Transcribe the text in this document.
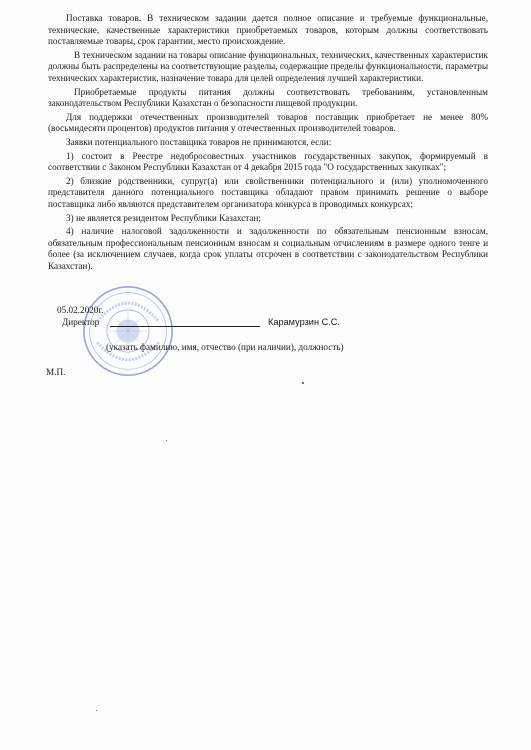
Поставка товаров. В техническом задании дается полное описание и требуемые функциональные, технические, качественные характеристики приобретаемых товаров, которым должны соответствовать поставляемые товары, срок гарантии, место происхождение.

В техническом задании на товары описание функциональных, технических, качественных характеристик должны быть распределены на соответствующие разделы, содержащие пределы функциональности, параметры технических характеристик, назначение товара для целей определения лучшей характеристики.

Приобретаемые продукты питания должны соответствовать требованиям, установленным законодательством Республики Казахстан о безопасности пищевой продукции.

Для поддержки отечественных производителей товаров поставщик приобретает не менее 80% (восьмидесяти процентов) продуктов питания у отечественных производителей товаров.

Заявки потенциального поставщика товаров не принимаются, если:

1) состоит в Реестре недобросовестных участников государственных закупок, формируемый в соответствии с Законом Республики Казахстан от 4 декабря 2015 года "О государственных закупках";

2) близкие родственники, супруг(а) или свойственники потенциального и (или) уполномоченного представителя данного потенциального поставщика обладают правом принимать решение о выборе поставщика либо являются представителем организатора конкурса в проводимых конкурсах;

3) не является резидентом Республики Казахстан;

4) наличие налоговой задолженности и задолженности по обязательным пенсионным взносам, обязательным профессиональным пенсионным взносам и социальным отчислениям в размере одного тенге и более (за исключением случаев, когда срок уплаты отсрочен в соответствии с законодательством Республики Казахстан).

05.02.2020г.
Директор	Карамурзин С.С.
(указать фамилию, имя, отчество (при наличии), должность)
М.П.
